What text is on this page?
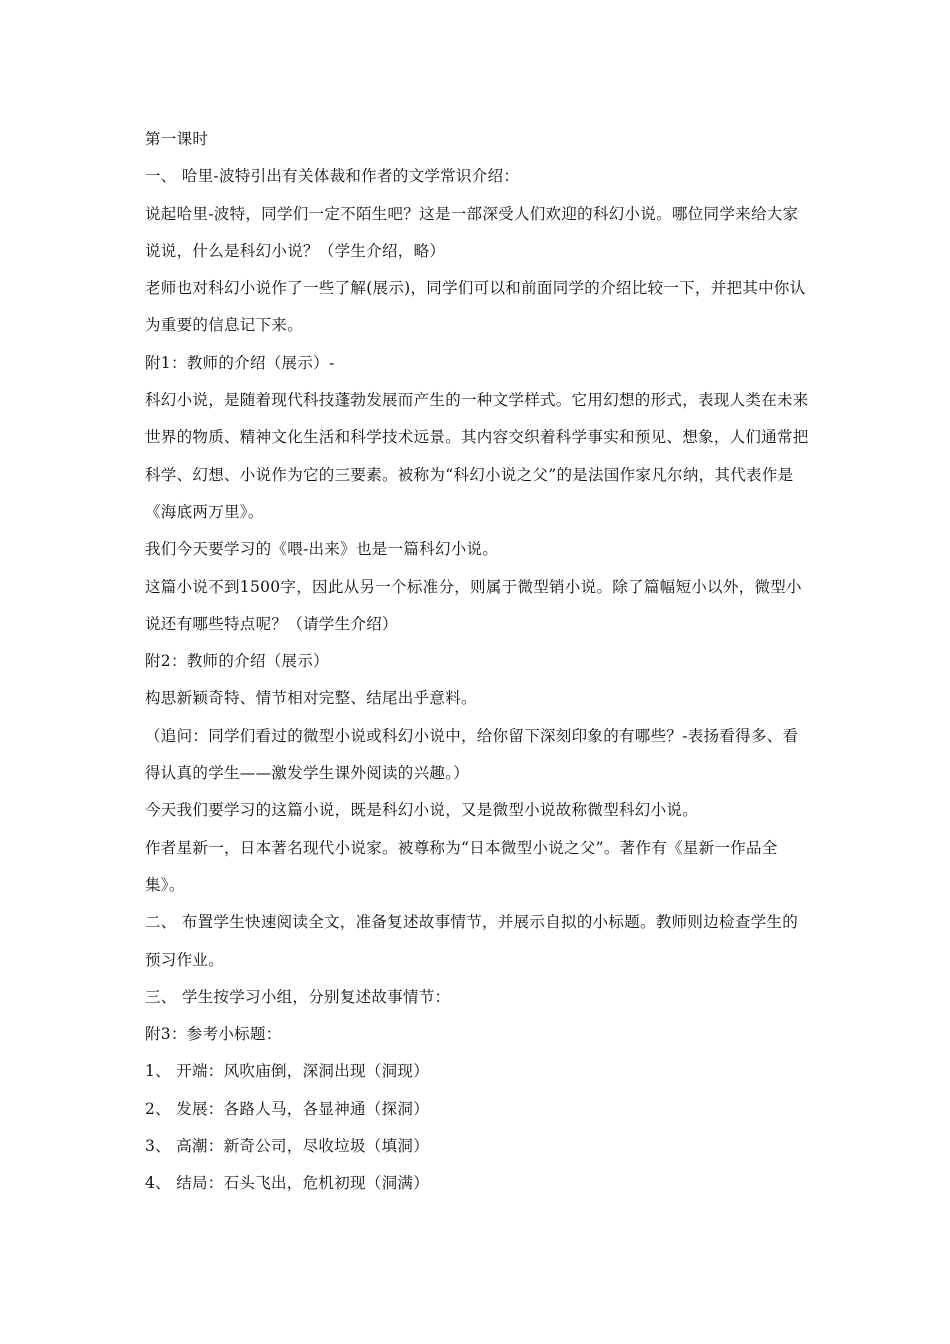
第一课时

一、 哈里-波特引出有关体裁和作者的文学常识介绍：

说起哈里-波特，同学们一定不陌生吧？这是一部深受人们欢迎的科幻小说。哪位同学来给大家说说，什么是科幻小说？（学生介绍，略）

老师也对科幻小说作了一些了解(展示)，同学们可以和前面同学的介绍比较一下，并把其中你认为重要的信息记下来。

附1：教师的介绍（展示）-

科幻小说，是随着现代科技蓬勃发展而产生的一种文学样式。它用幻想的形式，表现人类在未来世界的物质、精神文化生活和科学技术远景。其内容交织着科学事实和预见、想象，人们通常把科学、幻想、小说作为它的三要素。被称为“科幻小说之父”的是法国作家凡尔纳，其代表作是《海底两万里》。

我们今天要学习的《喂-出来》也是一篇科幻小说。

这篇小说不到1500字，因此从另一个标准分，则属于微型销小说。除了篇幅短小以外，微型小说还有哪些特点呢？（请学生介绍）

附2：教师的介绍（展示）

构思新颖奇特、情节相对完整、结尾出乎意料。

（追问：同学们看过的微型小说或科幻小说中，给你留下深刻印象的有哪些？-表扬看得多、看得认真的学生——激发学生课外阅读的兴趣。）

今天我们要学习的这篇小说，既是科幻小说，又是微型小说故称微型科幻小说。

作者星新一，日本著名现代小说家。被尊称为“日本微型小说之父”。著作有《星新一作品全集》。

二、 布置学生快速阅读全文，准备复述故事情节，并展示自拟的小标题。教师则边检查学生的预习作业。

三、 学生按学习小组，分别复述故事情节：

附3：参考小标题：

1、 开端：风吹庙倒，深洞出现（洞现）

2、 发展：各路人马，各显神通（探洞）

3、 高潮：新奇公司，尽收垃圾（填洞）

4、 结局：石头飞出，危机初现（洞满）
